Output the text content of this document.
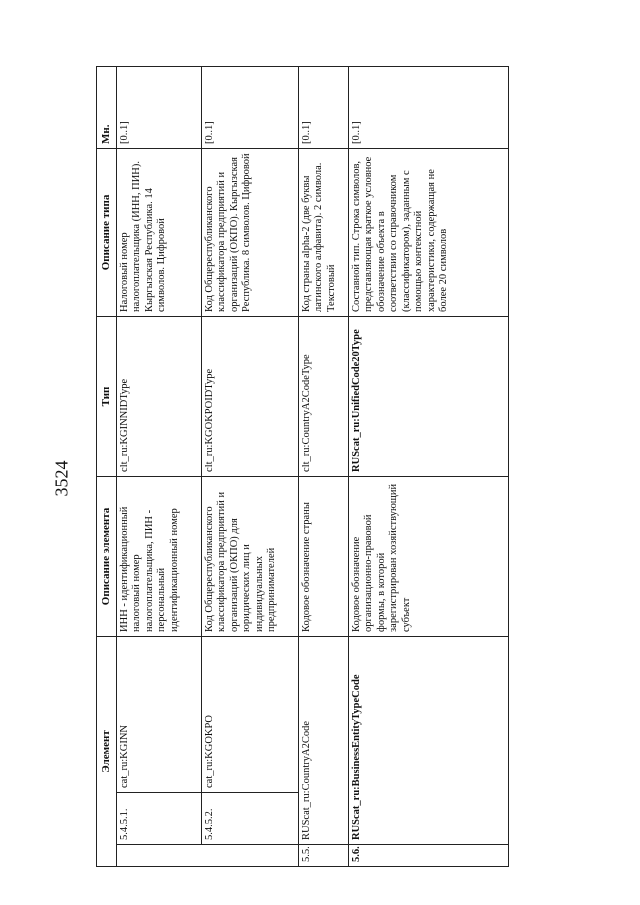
3524
Элемент			Описание элемента	Тип	Описание типа	Мн.
	5.4.5.1.	cat_ru:KGINN	ИНН - идентификационный налоговый номер налогоплательщика, ПИН - персональный идентификационный номер	clt_ru:KGINNIDType	Налоговый номер налогоплательщика (ИНН, ПИН). Кыргызская Республика. 14 символов. Цифровой	[0..1]
	5.4.5.2.	cat_ru:KGOKPO	Код Общереспубликанского классификатора предприятий и организаций (ОКПО) для юридических лиц и индивидуальных предпринимателей	clt_ru:KGOKPOIDType	Код Общереспубликанского классификатора предприятий и организаций (ОКПО). Кыргызская Республика. 8 символов. Цифровой	[0..1]
5.5.	RUScat_ru:CountryA2Code		Кодовое обозначение страны	clt_ru:CountryA2CodeType	Код страны alpha-2 (две буквы латинского алфавита). 2 символа. Текстовый	[0..1]
5.6.	RUScat_ru:BusinessEntityTypeCode		Кодовое обозначение организационно-правовой формы, в которой зарегистрирован хозяйствующий субъект	RUScat_ru:UnifiedCode20Type	Составной тип. Строка символов, представляющая краткое условное обозначение объекта в соответствии со справочником (классификатором), заданным с помощью контекстной характеристики, содержащая не более 20 символов	[0..1]
